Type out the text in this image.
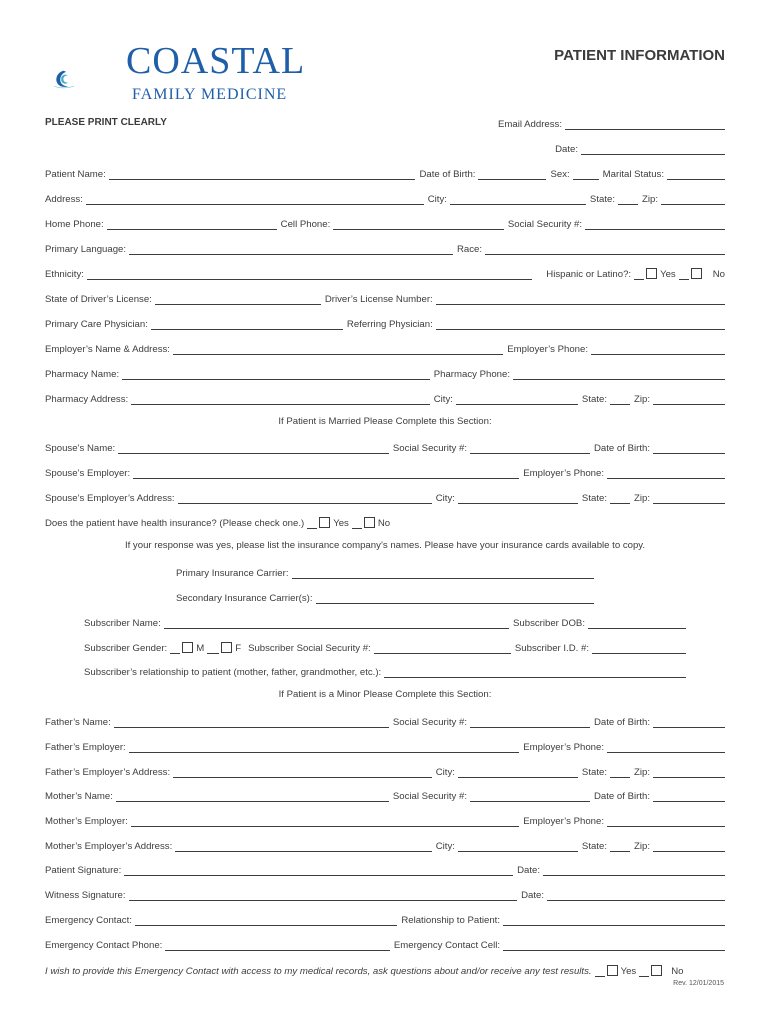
COASTAL
FAMILY MEDICINE
PATIENT INFORMATION
PLEASE PRINT CLEARLY	Email Address:
Date:
Patient Name:	Date of Birth:	Sex:	Marital Status:
Address:	City:	State:	Zip:
Home Phone:	Cell Phone:	Social Security #:
Primary Language:	Race:
Ethnicity:	Hispanic or Latino?:	Yes	No
State of Driver’s License:	Driver’s License Number:
Primary Care Physician:	Referring Physician:
Employer’s Name & Address:	Employer’s Phone:
Pharmacy Name:	Pharmacy Phone:
Pharmacy Address:	City:	State:	Zip:
If Patient is Married Please Complete this Section:
Spouse’s Name:	Social Security #:	Date of Birth:
Spouse’s Employer:	Employer’s Phone:
Spouse’s Employer’s Address:	City:	State:	Zip:
Does the patient have health insurance? (Please check one.)	Yes	No
If your response was yes, please list the insurance company’s names. Please have your insurance cards available to copy.
Primary Insurance Carrier:
Secondary Insurance Carrier(s):
Subscriber Name:	Subscriber DOB:
Subscriber Gender:	M	F Subscriber Social Security #:	Subscriber I.D. #:
Subscriber’s relationship to patient (mother, father, grandmother, etc.):
If Patient is a Minor Please Complete this Section:
Father’s Name:	Social Security #:	Date of Birth:
Father’s Employer:	Employer’s Phone:
Father’s Employer’s Address:	City:	State:	Zip:
Mother’s Name:	Social Security #:	Date of Birth:
Mother’s Employer:	Employer’s Phone:
Mother’s Employer’s Address:	City:	State:	Zip:
Patient Signature:	Date:
Witness Signature:	Date:
Emergency Contact:	Relationship to Patient:
Emergency Contact Phone:	Emergency Contact Cell:
I wish to provide this Emergency Contact with access to my medical records, ask questions about and/or receive any test results.	Yes	No
Rev. 12/01/2015
